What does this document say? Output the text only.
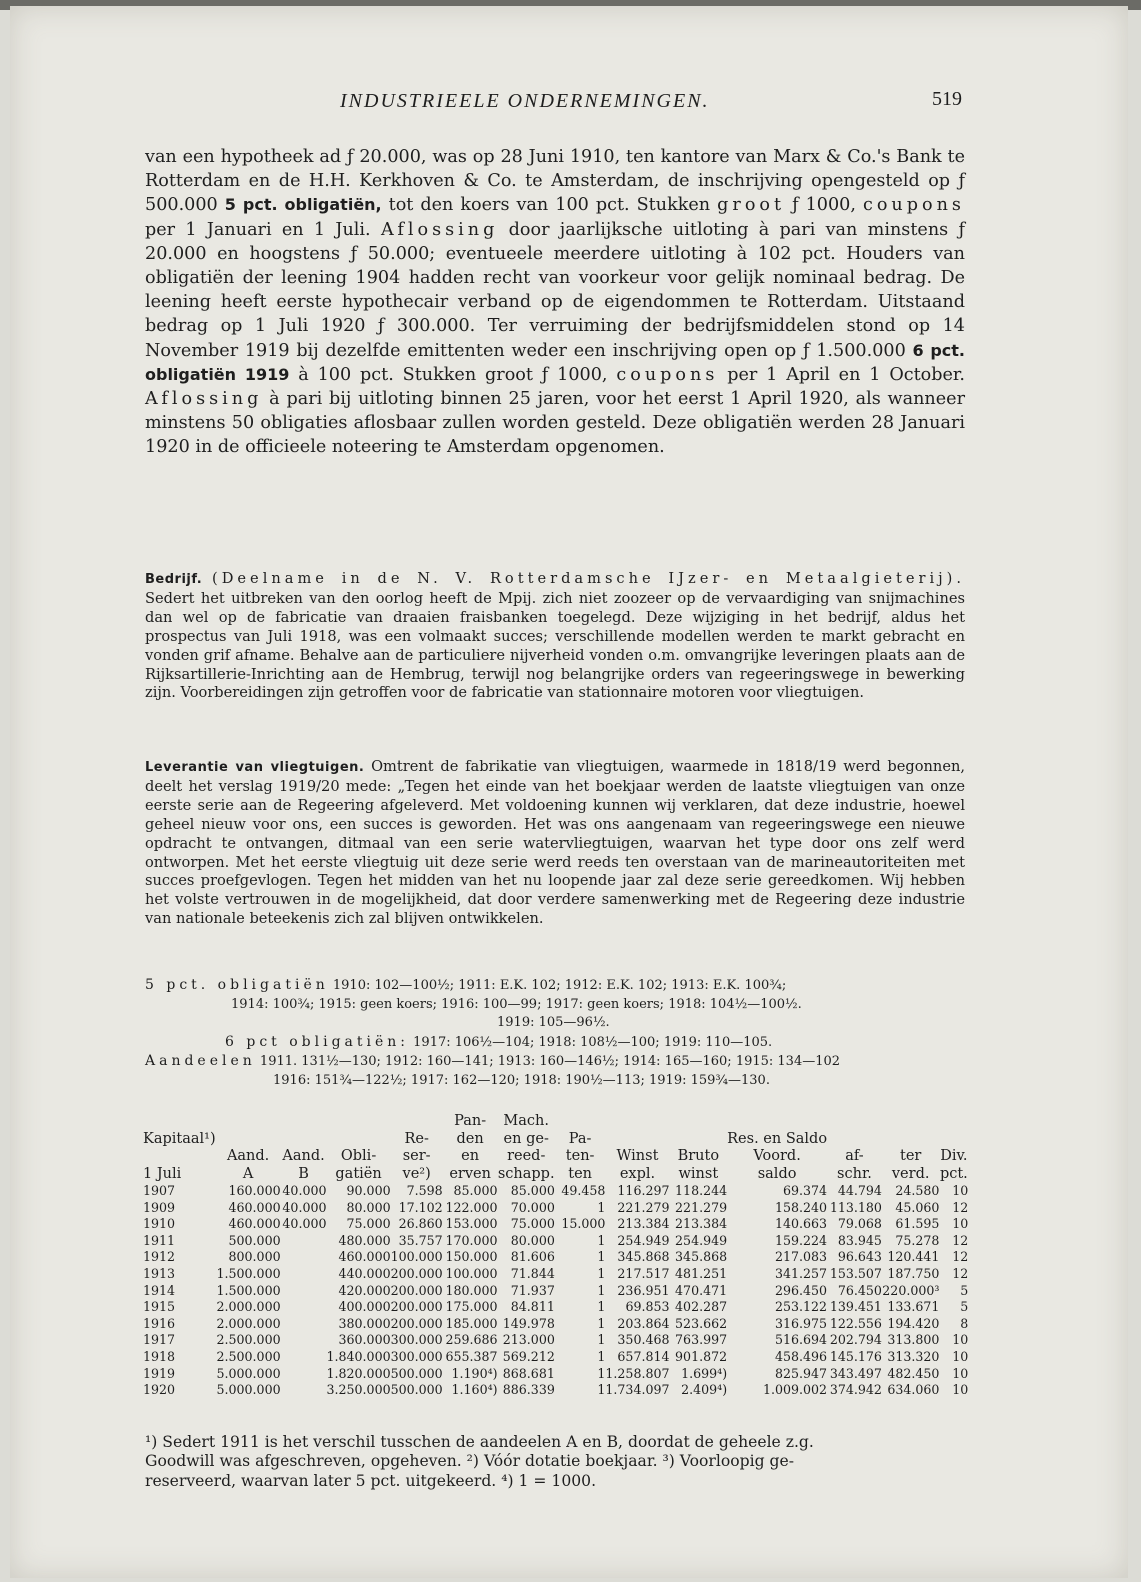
INDUSTRIEELE ONDERNEMINGEN.	519
van een hypotheek ad ƒ 20.000, was op 28 Juni 1910, ten kantore van Marx & Co.'s Bank te Rotterdam en de H.H. Kerkhoven & Co. te Amsterdam, de inschrijving opengesteld op ƒ 500.000 5 pct. obligatiën, tot den koers van 100 pct. Stukken groot ƒ 1000, coupons per 1 Januari en 1 Juli. Aflossing door jaarlijksche uitloting à pari van minstens ƒ 20.000 en hoogstens ƒ 50.000; eventueele meerdere uitloting à 102 pct. Houders van obligatiën der leening 1904 hadden recht van voorkeur voor gelijk nominaal bedrag. De leening heeft eerste hypothecair verband op de eigendommen te Rotterdam. Uitstaand bedrag op 1 Juli 1920 ƒ 300.000. Ter verruiming der bedrijfsmiddelen stond op 14 November 1919 bij dezelfde emittenten weder een inschrijving open op ƒ 1.500.000 6 pct. obligatiën 1919 à 100 pct. Stukken groot ƒ 1000, coupons per 1 April en 1 October. Aflossing à pari bij uitloting binnen 25 jaren, voor het eerst 1 April 1920, als wanneer minstens 50 obligaties aflosbaar zullen worden gesteld. Deze obligatiën werden 28 Januari 1920 in de officieele noteering te Amsterdam opgenomen.
Bedrijf. (Deelname in de N. V. Rotterdamsche IJzer- en Metaalgieterij). Sedert het uitbreken van den oorlog heeft de Mpij. zich niet zoozeer op de vervaardiging van snijmachines dan wel op de fabricatie van draaien fraisbanken toegelegd. Deze wijziging in het bedrijf, aldus het prospectus van Juli 1918, was een volmaakt succes; verschillende modellen werden te markt gebracht en vonden grif afname. Behalve aan de particuliere nijverheid vonden o.m. omvangrijke leveringen plaats aan de Rijksartillerie-Inrichting aan de Hembrug, terwijl nog belangrijke orders van regeeringswege in bewerking zijn. Voorbereidingen zijn getroffen voor de fabricatie van stationnaire motoren voor vliegtuigen.
Leverantie van vliegtuigen. Omtrent de fabrikatie van vliegtuigen, waarmede in 1818/19 werd begonnen, deelt het verslag 1919/20 mede: „Tegen het einde van het boekjaar werden de laatste vliegtuigen van onze eerste serie aan de Regeering afgeleverd. Met voldoening kunnen wij verklaren, dat deze industrie, hoewel geheel nieuw voor ons, een succes is geworden. Het was ons aangenaam van regeeringswege een nieuwe opdracht te ontvangen, ditmaal van een serie watervliegtuigen, waarvan het type door ons zelf werd ontworpen. Met het eerste vliegtuig uit deze serie werd reeds ten overstaan van de marineautoriteiten met succes proefgevlogen. Tegen het midden van het nu loopende jaar zal deze serie gereedkomen. Wij hebben het volste vertrouwen in de mogelijkheid, dat door verdere samenwerking met de Regeering deze industrie van nationale beteekenis zich zal blijven ontwikkelen.
5 pct. obligatiën 1910: 102—100½; 1911: E.K. 102; 1912: E.K. 102; 1913: E.K. 100¾;
1914: 100¾; 1915: geen koers; 1916: 100—99; 1917: geen koers; 1918: 104½—100½.
1919: 105—96½.
6 pct obligatiën: 1917: 106½—104; 1918: 108½—100; 1919: 110—105.
Aandeelen 1911. 131½—130; 1912: 160—141; 1913: 160—146½; 1914: 165—160; 1915: 134—102
1916: 151¾—122½; 1917: 162—120; 1918: 190½—113; 1919: 159¾—130.
					Pan-	Mach.								
Kapitaal¹)				Re-	den	en ge-	Pa-			Res. en Saldo				
	Aand.	Aand.	Obli-	ser-	en	reed-	ten-	Winst	Bruto	Voord.	af-	ter	Div.	
1 Juli	A	B	gatiën	ve²)	erven	schapp.	ten	expl.	winst	saldo	schr.	verd.	pct.	
1907	160.000	40.000	90.000	7.598	85.000	85.000	49.458	116.297	118.244	69.374	44.794	24.580	10	
1909	460.000	40.000	80.000	17.102	122.000	70.000	1	221.279	221.279	158.240	113.180	45.060	12	
1910	460.000	40.000	75.000	26.860	153.000	75.000	15.000	213.384	213.384	140.663	79.068	61.595	10	
1911	500.000		480.000	35.757	170.000	80.000	1	254.949	254.949	159.224	83.945	75.278	12	
1912	800.000		460.000	100.000	150.000	81.606	1	345.868	345.868	217.083	96.643	120.441	12	
1913	1.500.000		440.000	200.000	100.000	71.844	1	217.517	481.251	341.257	153.507	187.750	12	
1914	1.500.000		420.000	200.000	180.000	71.937	1	236.951	470.471	296.450	76.450	220.000³	5	
1915	2.000.000		400.000	200.000	175.000	84.811	1	69.853	402.287	253.122	139.451	133.671	5	
1916	2.000.000		380.000	200.000	185.000	149.978	1	203.864	523.662	316.975	122.556	194.420	8	
1917	2.500.000		360.000	300.000	259.686	213.000	1	350.468	763.997	516.694	202.794	313.800	10	
1918	2.500.000		1.840.000	300.000	655.387	569.212	1	657.814	901.872	458.496	145.176	313.320	10	
1919	5.000.000		1.820.000	500.000	1.190⁴)	868.681	1	1.258.807	1.699⁴)	825.947	343.497	482.450	10	
1920	5.000.000		3.250.000	500.000	1.160⁴)	886.339	1	1.734.097	2.409⁴)	1.009.002	374.942	634.060	10	
¹) Sedert 1911 is het verschil tusschen de aandeelen A en B, doordat de geheele z.g.
Goodwill was afgeschreven, opgeheven. ²) Vóór dotatie boekjaar. ³) Voorloopig ge-
reserveerd, waarvan later 5 pct. uitgekeerd. ⁴) 1 = 1000.
